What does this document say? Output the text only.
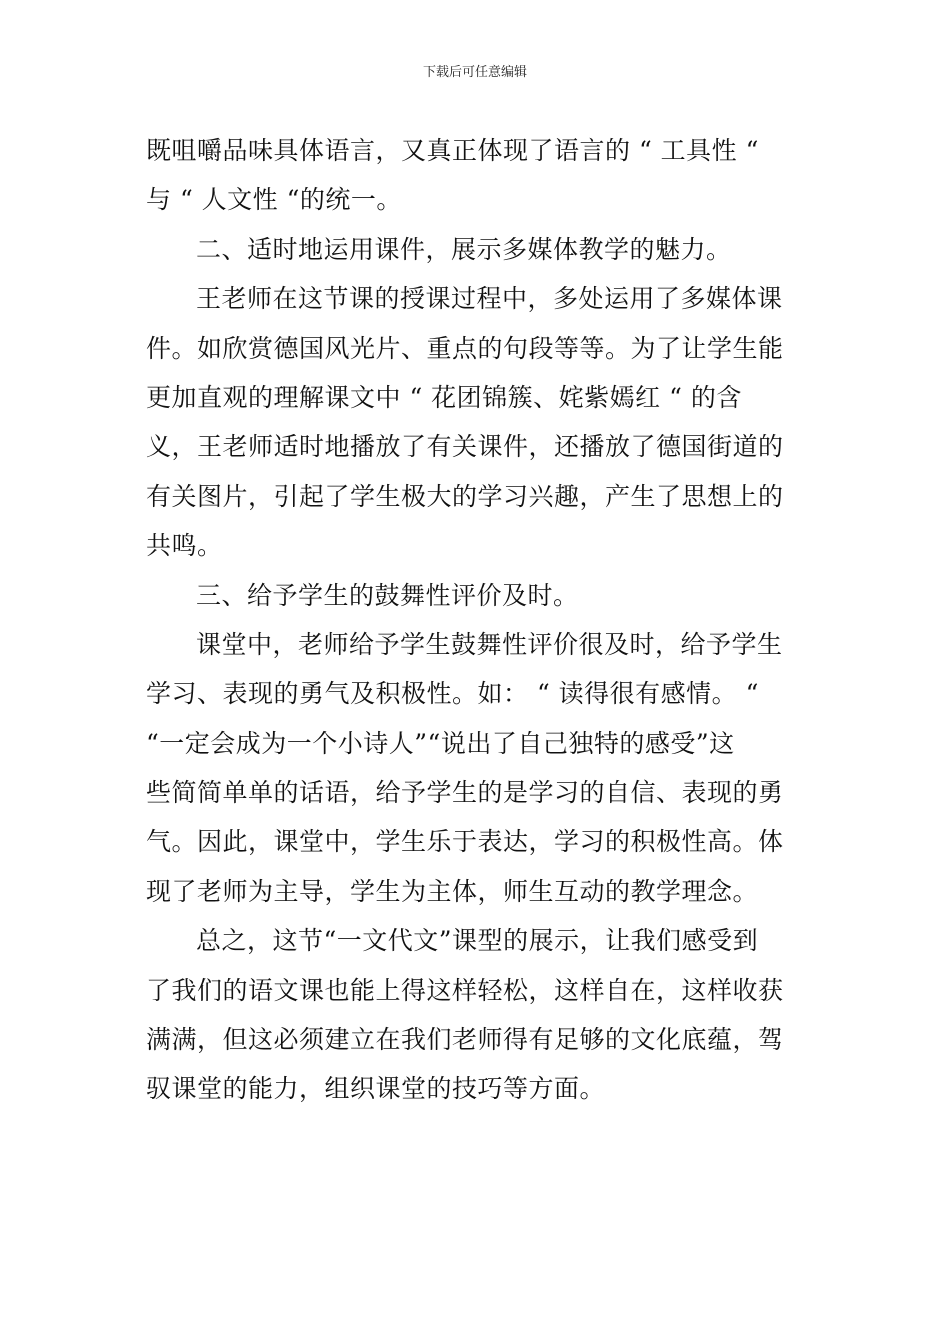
下载后可任意编辑
既咀嚼品味具体语言，又真正体现了语言的 “ 工具性 “
与 “ 人文性 “的统一。
二、适时地运用课件，展示多媒体教学的魅力。
王老师在这节课的授课过程中，多处运用了多媒体课
件。如欣赏德国风光片、重点的句段等等。为了让学生能
更加直观的理解课文中 “ 花团锦簇、姹紫嫣红 “ 的含
义，王老师适时地播放了有关课件，还播放了德国街道的
有关图片，引起了学生极大的学习兴趣，产生了思想上的
共鸣。
三、给予学生的鼓舞性评价及时。
课堂中，老师给予学生鼓舞性评价很及时，给予学生
学习、表现的勇气及积极性。如： “ 读得很有感情。 “
“一定会成为一个小诗人”“说出了自己独特的感受”这
些简简单单的话语，给予学生的是学习的自信、表现的勇
气。因此，课堂中，学生乐于表达，学习的积极性高。体
现了老师为主导，学生为主体，师生互动的教学理念。
总之，这节“一文代文”课型的展示，让我们感受到
了我们的语文课也能上得这样轻松，这样自在，这样收获
满满，但这必须建立在我们老师得有足够的文化底蕴，驾
驭课堂的能力，组织课堂的技巧等方面。
